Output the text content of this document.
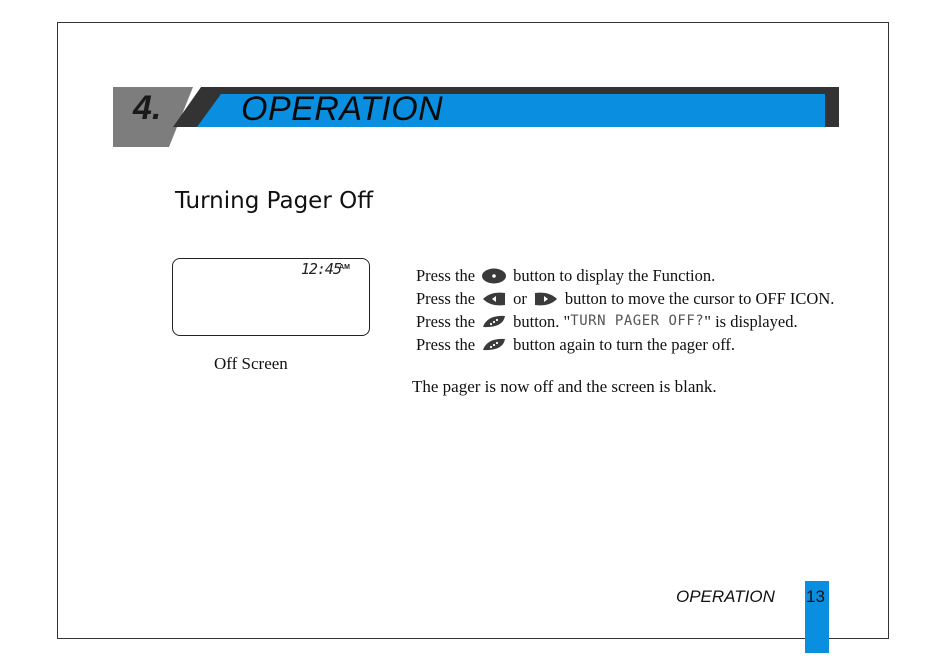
4. OPERATION
Turning Pager Off
12:45
AM
Off Screen
Press the button to display the Function.
Press the or button to move the cursor to OFF ICON.
Press the button. " TURN PAGER OFF? " is displayed.
Press the button again to turn the pager off.
The pager is now off and the screen is blank.
OPERATION 13
